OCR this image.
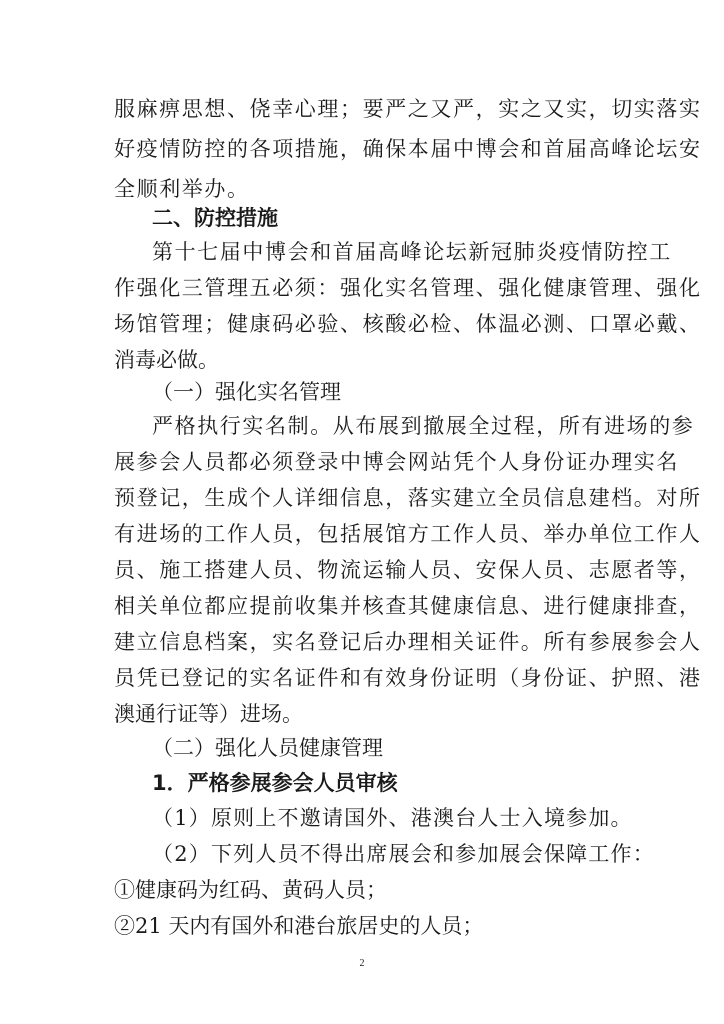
2

服麻痹思想、侥幸心理；要严之又严，实之又实，切实落实

好疫情防控的各项措施，确保本届中博会和首届高峰论坛安

全顺利举办。

二、防控措施

第十七届中博会和首届高峰论坛新冠肺炎疫情防控工

作强化三管理五必须：强化实名管理、强化健康管理、强化

场馆管理；健康码必验、核酸必检、体温必测、口罩必戴、

消毒必做。

（一）强化实名管理

严格执行实名制。从布展到撤展全过程，所有进场的参

展参会人员都必须登录中博会网站凭个人身份证办理实名

预登记，生成个人详细信息，落实建立全员信息建档。对所

有进场的工作人员，包括展馆方工作人员、举办单位工作人

员、施工搭建人员、物流运输人员、安保人员、志愿者等，

相关单位都应提前收集并核查其健康信息、进行健康排查，

建立信息档案，实名登记后办理相关证件。所有参展参会人

员凭已登记的实名证件和有效身份证明（身份证、护照、港

澳通行证等）进场。

（二）强化人员健康管理

1．严格参展参会人员审核

（1）原则上不邀请国外、港澳台人士入境参加。

（2）下列人员不得出席展会和参加展会保障工作：

①健康码为红码、黄码人员；

②21 天内有国外和港台旅居史的人员；
